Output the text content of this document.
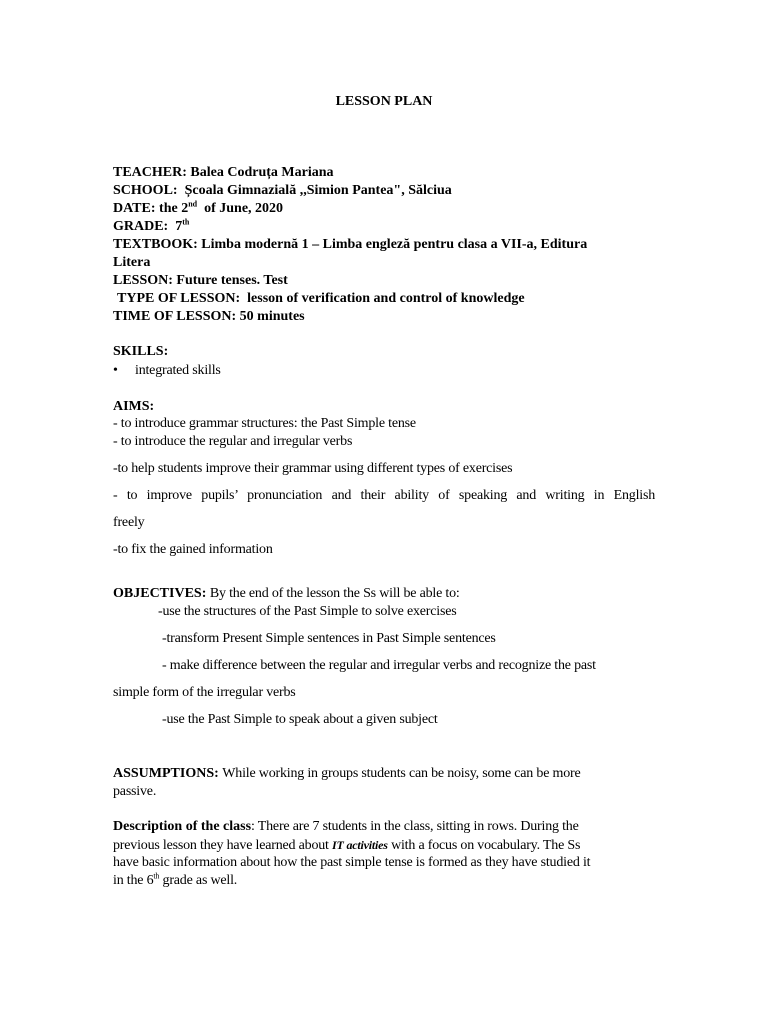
LESSON PLAN
TEACHER: Balea Codruța Mariana
SCHOOL: Școala Gimnazială ,,Simion Pantea", Sălciua
DATE: the 2nd of June, 2020
GRADE: 7th
TEXTBOOK: Limba modernă 1 – Limba engleză pentru clasa a VII-a, Editura
Litera
LESSON: Future tenses. Test
TYPE OF LESSON: lesson of verification and control of knowledge
TIME OF LESSON: 50 minutes
SKILLS:
• integrated skills
AIMS:
- to introduce grammar structures: the Past Simple tense
- to introduce the regular and irregular verbs
-to help students improve their grammar using different types of exercises
- to improve pupils’ pronunciation and their ability of speaking and writing in English
freely
-to fix the gained information
OBJECTIVES: By the end of the lesson the Ss will be able to:
-use the structures of the Past Simple to solve exercises
-transform Present Simple sentences in Past Simple sentences
- make difference between the regular and irregular verbs and recognize the past
simple form of the irregular verbs
-use the Past Simple to speak about a given subject
ASSUMPTIONS: While working in groups students can be noisy, some can be more
passive.
Description of the class: There are 7 students in the class, sitting in rows. During the
previous lesson they have learned about IT activities with a focus on vocabulary. The Ss
have basic information about how the past simple tense is formed as they have studied it
in the 6th grade as well.
